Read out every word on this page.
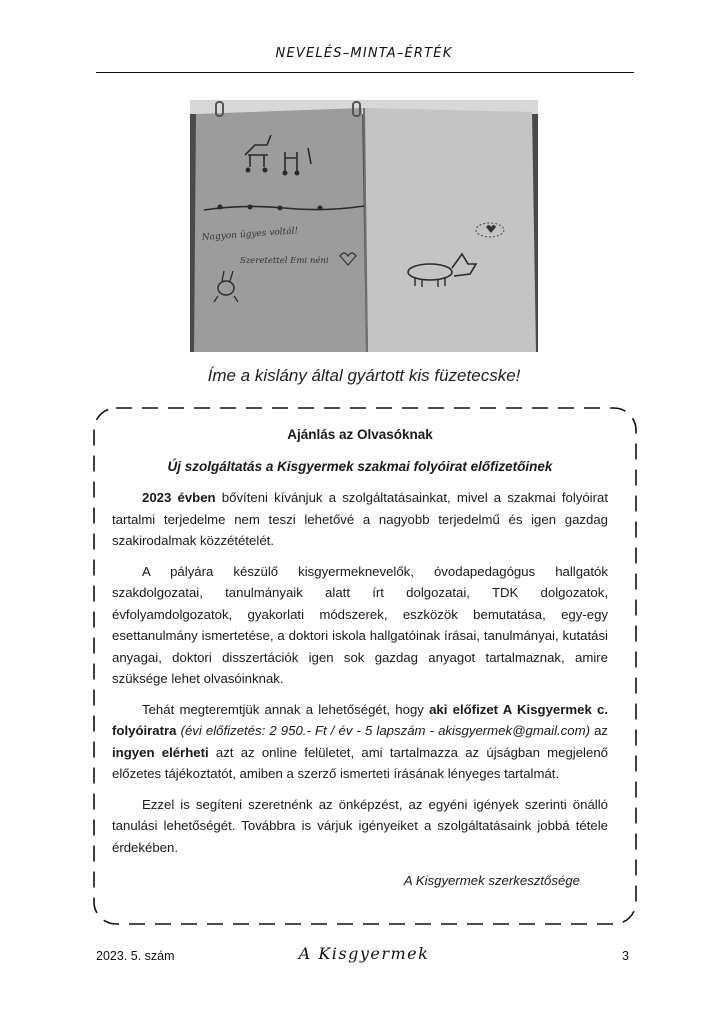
NEVELÉS–MINTA–ÉRTÉK
Nagyon ügyes voltál!
Szeretettel Emi néni
Íme a kislány által gyártott kis füzetecske!

Ajánlás az Olvasóknak

Új szolgáltatás a Kisgyermek szakmai folyóirat előfizetőinek

2023 évben bővíteni kívánjuk a szolgáltatásainkat, mivel a szakmai folyóirat tartalmi terjedelme nem teszi lehetővé a nagyobb terjedelmű és igen gazdag szakirodalmak közzétételét.

A pályára készülő kisgyermeknevelők, óvodapedagógus hallgatók szakdolgozatai, tanulmányaik alatt írt dolgozatai, TDK dolgozatok, évfolyamdolgozatok, gyakorlati módszerek, eszközök bemutatása, egy-egy esettanulmány ismertetése, a doktori iskola hallgatóinak írásai, tanulmányai, kutatási anyagai, doktori disszertációk igen sok gazdag anyagot tartalmaznak, amire szüksége lehet olvasóinknak.

Tehát megteremtjük annak a lehetőségét, hogy aki előfizet A Kisgyermek c. folyóiratra (évi előfizetés: 2 950.- Ft / év - 5 lapszám - akisgyermek@gmail.com) az ingyen elérheti azt az online felületet, ami tartalmazza az újságban megjelenő előzetes tájékoztatót, amiben a szerző ismerteti írásának lényeges tartalmát.

Ezzel is segíteni szeretnénk az önképzést, az egyéni igények szerinti önálló tanulási lehetőségét. Továbbra is várjuk igényeiket a szolgáltatásaink jobbá tétele érdekében.

A Kisgyermek szerkesztősége
2023. 5. szám	A Kisgyermek	3
